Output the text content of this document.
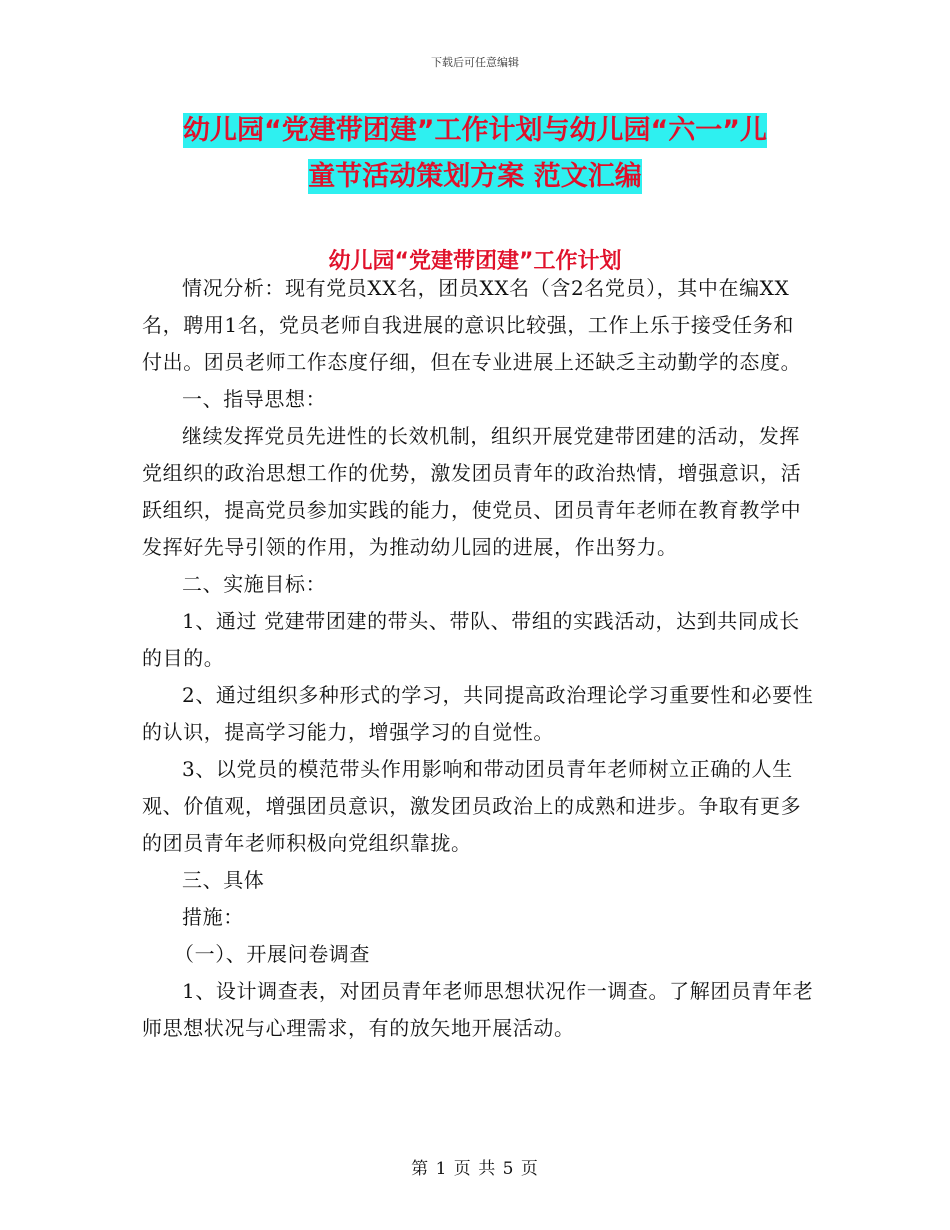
下载后可任意编辑
幼儿园“党建带团建”工作计划与幼儿园“六一”儿
童节活动策划方案 范文汇编
幼儿园“党建带团建”工作计划

情况分析：现有党员XX名，团员XX名（含2名党员），其中在编XX名，聘用1名，党员老师自我进展的意识比较强，工作上乐于接受任务和付出。团员老师工作态度仔细，但在专业进展上还缺乏主动勤学的态度。

一、指导思想：

继续发挥党员先进性的长效机制，组织开展党建带团建的活动，发挥党组织的政治思想工作的优势，激发团员青年的政治热情，增强意识，活跃组织，提高党员参加实践的能力，使党员、团员青年老师在教育教学中发挥好先导引领的作用，为推动幼儿园的进展，作出努力。

二、实施目标：

1、通过 党建带团建的带头、带队、带组的实践活动，达到共同成长的目的。

2、通过组织多种形式的学习，共同提高政治理论学习重要性和必要性的认识，提高学习能力，增强学习的自觉性。

3、以党员的模范带头作用影响和带动团员青年老师树立正确的人生观、价值观，增强团员意识，激发团员政治上的成熟和进步。争取有更多的团员青年老师积极向党组织靠拢。

三、具体

措施：

（一）、开展问卷调查

1、设计调查表，对团员青年老师思想状况作一调查。了解团员青年老师思想状况与心理需求，有的放矢地开展活动。

第 1 页 共 5 页
